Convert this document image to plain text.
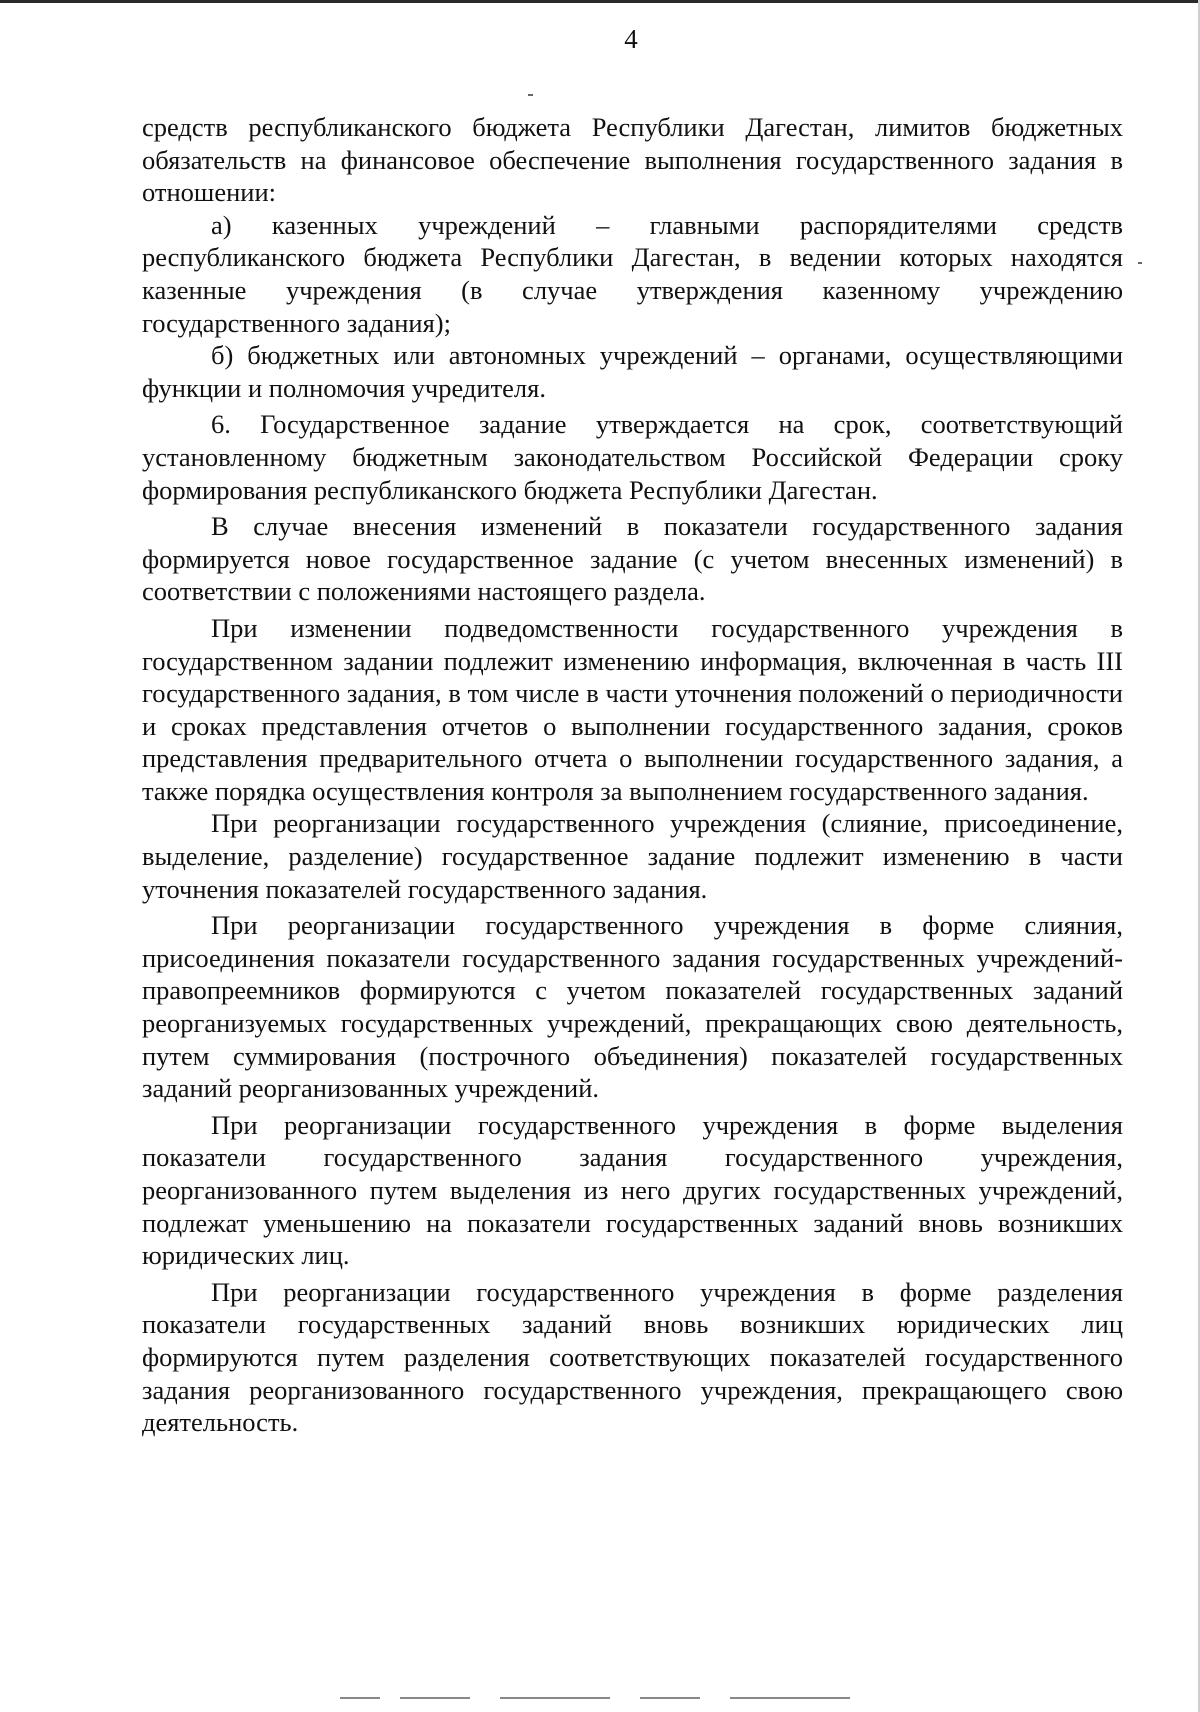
4

средств республиканского бюджета Республики Дагестан, лимитов бюджетных обязательств на финансовое обеспечение выполнения государственного задания в отношении:

а) казенных учреждений – главными распорядителями средств республиканского бюджета Республики Дагестан, в ведении которых находятся казенные учреждения (в случае утверждения казенному учреждению государственного задания);

б) бюджетных или автономных учреждений – органами, осуществляющими функции и полномочия учредителя.

6. Государственное задание утверждается на срок, соответствующий установленному бюджетным законодательством Российской Федерации сроку формирования республиканского бюджета Республики Дагестан.

В случае внесения изменений в показатели государственного задания формируется новое государственное задание (с учетом внесенных изменений) в соответствии с положениями настоящего раздела.

При изменении подведомственности государственного учреждения в государственном задании подлежит изменению информация, включенная в часть III государственного задания, в том числе в части уточнения положений о периодичности и сроках представления отчетов о выполнении государственного задания, сроков представления предварительного отчета о выполнении государственного задания, а также порядка осуществления контроля за выполнением государственного задания.

При реорганизации государственного учреждения (слияние, присоединение, выделение, разделение) государственное задание подлежит изменению в части уточнения показателей государственного задания.

При реорганизации государственного учреждения в форме слияния, присоединения показатели государственного задания государственных учреждений-правопреемников формируются с учетом показателей государственных заданий реорганизуемых государственных учреждений, прекращающих свою деятельность, путем суммирования (построчного объединения) показателей государственных заданий реорганизованных учреждений.

При реорганизации государственного учреждения в форме выделения показатели государственного задания государственного учреждения, реорганизованного путем выделения из него других государственных учреждений, подлежат уменьшению на показатели государственных заданий вновь возникших юридических лиц.

При реорганизации государственного учреждения в форме разделения показатели государственных заданий вновь возникших юридических лиц формируются путем разделения соответствующих показателей государственного задания реорганизованного государственного учреждения, прекращающего свою деятельность.
